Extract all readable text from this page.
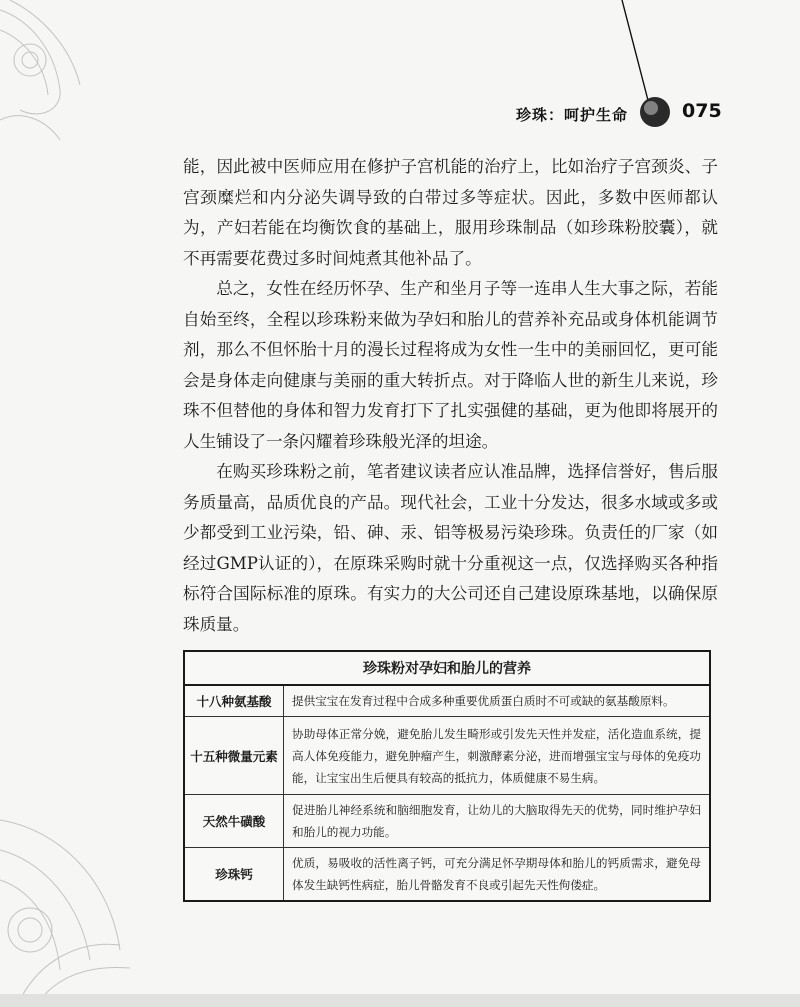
珍珠：呵护生命	075

能，因此被中医师应用在修护子宫机能的治疗上，比如治疗子宫颈炎、子宫颈糜烂和内分泌失调导致的白带过多等症状。因此，多数中医师都认为，产妇若能在均衡饮食的基础上，服用珍珠制品（如珍珠粉胶囊），就不再需要花费过多时间炖煮其他补品了。

总之，女性在经历怀孕、生产和坐月子等一连串人生大事之际，若能自始至终，全程以珍珠粉来做为孕妇和胎儿的营养补充品或身体机能调节剂，那么不但怀胎十月的漫长过程将成为女性一生中的美丽回忆，更可能会是身体走向健康与美丽的重大转折点。对于降临人世的新生儿来说，珍珠不但替他的身体和智力发育打下了扎实强健的基础，更为他即将展开的人生铺设了一条闪耀着珍珠般光泽的坦途。

在购买珍珠粉之前，笔者建议读者应认准品牌，选择信誉好，售后服务质量高，品质优良的产品。现代社会，工业十分发达，很多水域或多或少都受到工业污染，铅、砷、汞、铝等极易污染珍珠。负责任的厂家（如经过GMP认证的），在原珠采购时就十分重视这一点，仅选择购买各种指标符合国际标准的原珠。有实力的大公司还自己建设原珠基地，以确保原珠质量。

珍珠粉对孕妇和胎儿的营养	
十八种氨基酸	提供宝宝在发育过程中合成多种重要优质蛋白质时不可或缺的氨基酸原料。
十五种微量元素	协助母体正常分娩，避免胎儿发生畸形或引发先天性并发症，活化造血系统，提高人体免疫能力，避免肿瘤产生，刺激酵素分泌，进而增强宝宝与母体的免疫功能，让宝宝出生后便具有较高的抵抗力，体质健康不易生病。
天然牛磺酸	促进胎儿神经系统和脑细胞发育，让幼儿的大脑取得先天的优势，同时维护孕妇和胎儿的视力功能。
珍珠钙	优质，易吸收的活性离子钙，可充分满足怀孕期母体和胎儿的钙质需求，避免母体发生缺钙性病症，胎儿骨骼发育不良或引起先天性佝偻症。
